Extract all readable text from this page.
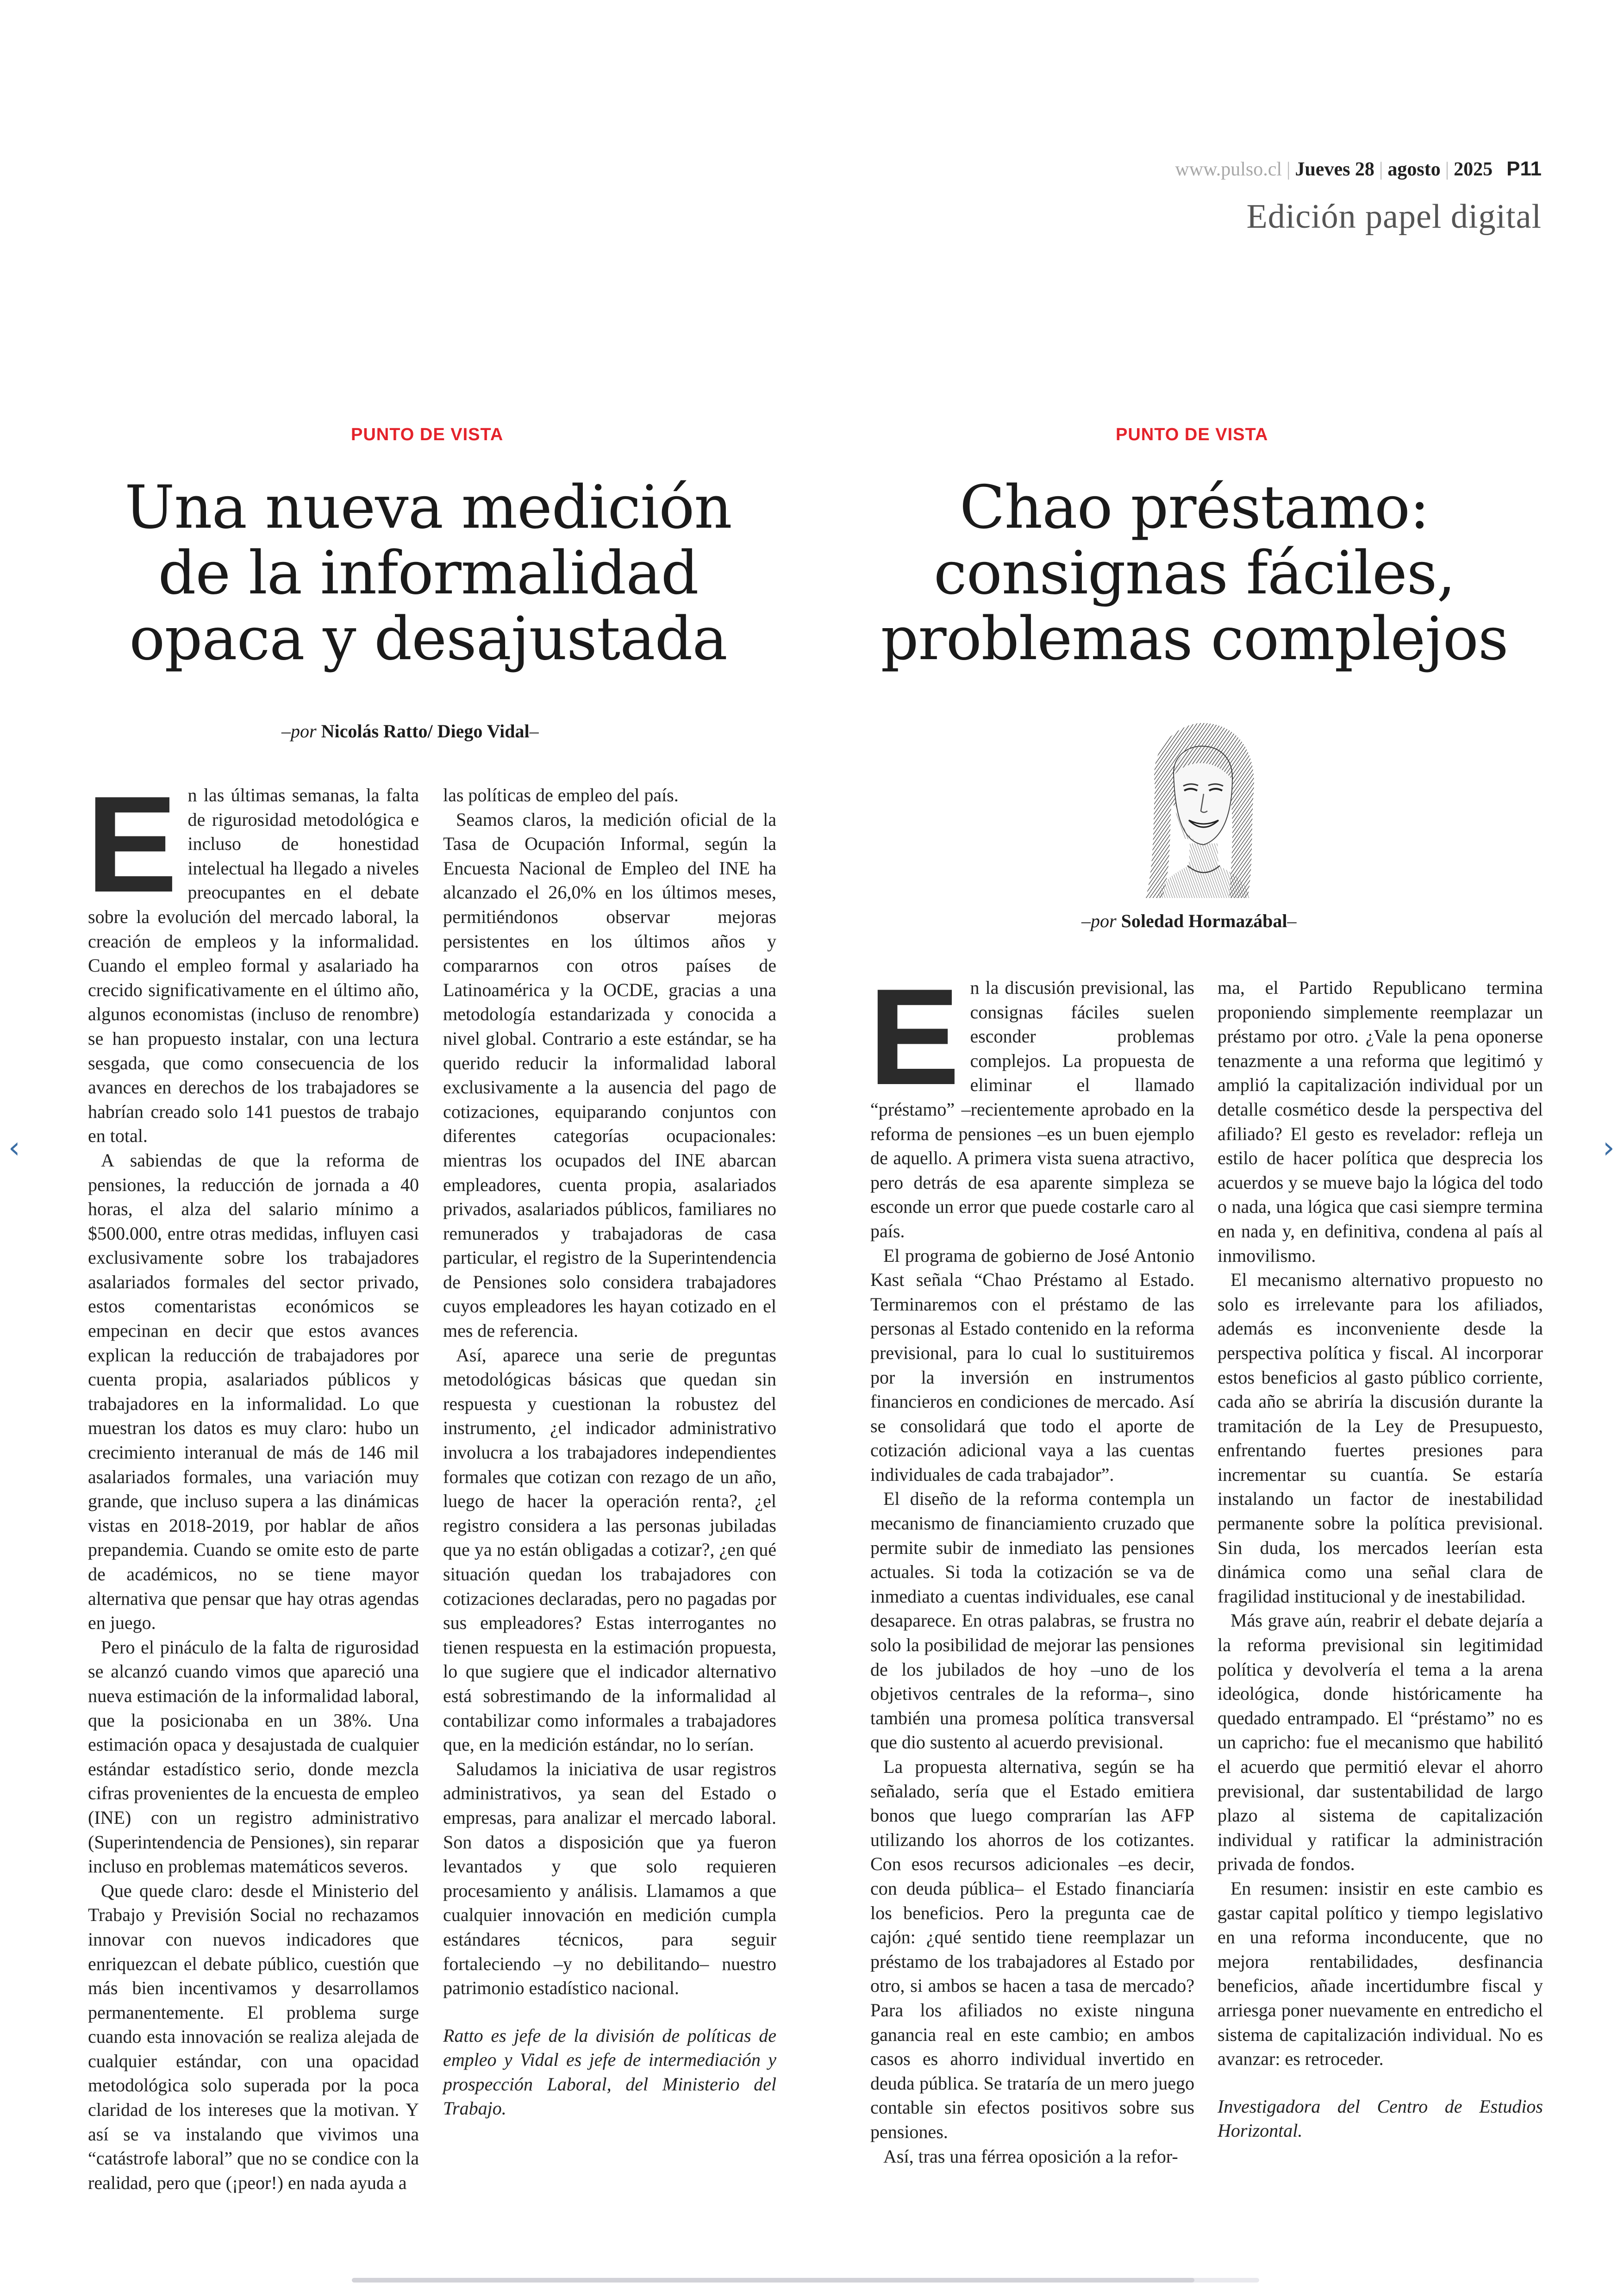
www.pulso.cl | Jueves 28 | agosto | 2025 P11
Edición papel digital
PUNTO DE VISTA
Una nueva medición
de la informalidad
opaca y desajustada
–por Nicolás Ratto/ Diego Vidal–

En las últimas semanas, la falta de rigurosidad metodológica e incluso de honestidad intelectual ha llegado a niveles preocupantes en el debate sobre la evolución del mercado laboral, la creación de empleos y la informalidad. Cuando el empleo formal y asalariado ha crecido significativamente en el último año, algunos economistas (incluso de renombre) se han propuesto instalar, con una lectura sesgada, que como consecuencia de los avances en derechos de los trabajadores se habrían creado solo 141 puestos de trabajo en total.

A sabiendas de que la reforma de pensiones, la reducción de jornada a 40 horas, el alza del salario mínimo a $500.000, entre otras medidas, influyen casi exclusivamente sobre los trabajadores asalariados formales del sector privado, estos comentaristas económicos se empecinan en decir que estos avances explican la reducción de trabajadores por cuenta propia, asalariados públicos y trabajadores en la informalidad. Lo que muestran los datos es muy claro: hubo un crecimiento interanual de más de 146 mil asalariados formales, una variación muy grande, que incluso supera a las dinámicas vistas en 2018-2019, por hablar de años prepandemia. Cuando se omite esto de parte de académicos, no se tiene mayor alternativa que pensar que hay otras agendas en juego.

Pero el pináculo de la falta de rigurosidad se alcanzó cuando vimos que apareció una nueva estimación de la informalidad laboral, que la posicionaba en un 38%. Una estimación opaca y desajustada de cualquier estándar estadístico serio, donde mezcla cifras provenientes de la encuesta de empleo (INE) con un registro administrativo (Superintendencia de Pensiones), sin reparar incluso en problemas matemáticos severos.

Que quede claro: desde el Ministerio del Trabajo y Previsión Social no rechazamos innovar con nuevos indicadores que enriquezcan el debate público, cuestión que más bien incentivamos y desarrollamos permanentemente. El problema surge cuando esta innovación se realiza alejada de cualquier estándar, con una opacidad metodológica solo superada por la poca claridad de los intereses que la motivan. Y así se va instalando que vivimos una “catástrofe laboral” que no se condice con la realidad, pero que (¡peor!) en nada ayuda a

las políticas de empleo del país.

Seamos claros, la medición oficial de la Tasa de Ocupación Informal, según la Encuesta Nacional de Empleo del INE ha alcanzado el 26,0% en los últimos meses, permitiéndonos observar mejoras persistentes en los últimos años y compararnos con otros países de Latinoamérica y la OCDE, gracias a una metodología estandarizada y conocida a nivel global. Contrario a este estándar, se ha querido reducir la informalidad laboral exclusivamente a la ausencia del pago de cotizaciones, equiparando conjuntos con diferentes categorías ocupacionales: mientras los ocupados del INE abarcan empleadores, cuenta propia, asalariados privados, asalariados públicos, familiares no remunerados y trabajadoras de casa particular, el registro de la Superintendencia de Pensiones solo considera trabajadores cuyos empleadores les hayan cotizado en el mes de referencia.

Así, aparece una serie de preguntas metodológicas básicas que quedan sin respuesta y cuestionan la robustez del instrumento, ¿el indicador administrativo involucra a los trabajadores independientes formales que cotizan con rezago de un año, luego de hacer la operación renta?, ¿el registro considera a las personas jubiladas que ya no están obligadas a cotizar?, ¿en qué situación quedan los trabajadores con cotizaciones declaradas, pero no pagadas por sus empleadores? Estas interrogantes no tienen respuesta en la estimación propuesta, lo que sugiere que el indicador alternativo está sobrestimando de la informalidad al contabilizar como informales a trabajadores que, en la medición estándar, no lo serían.

Saludamos la iniciativa de usar registros administrativos, ya sean del Estado o empresas, para analizar el mercado laboral. Son datos a disposición que ya fueron levantados y que solo requieren procesamiento y análisis. Llamamos a que cualquier innovación en medición cumpla estándares técnicos, para seguir fortaleciendo –y no debilitando– nuestro patrimonio estadístico nacional.

Ratto es jefe de la división de políticas de empleo y Vidal es jefe de intermediación y prospección Laboral, del Ministerio del Trabajo.

PUNTO DE VISTA
Chao préstamo:
consignas fáciles,
problemas complejos
–por Soledad Hormazábal–

En la discusión previsional, las consignas fáciles suelen esconder problemas complejos. La propuesta de eliminar el llamado “préstamo” –recientemente aprobado en la reforma de pensiones –es un buen ejemplo de aquello. A primera vista suena atractivo, pero detrás de esa aparente simpleza se esconde un error que puede costarle caro al país.

El programa de gobierno de José Antonio Kast señala “Chao Préstamo al Estado. Terminaremos con el préstamo de las personas al Estado contenido en la reforma previsional, para lo cual lo sustituiremos por la inversión en instrumentos financieros en condiciones de mercado. Así se consolidará que todo el aporte de cotización adicional vaya a las cuentas individuales de cada trabajador”.

El diseño de la reforma contempla un mecanismo de financiamiento cruzado que permite subir de inmediato las pensiones actuales. Si toda la cotización se va de inmediato a cuentas individuales, ese canal desaparece. En otras palabras, se frustra no solo la posibilidad de mejorar las pensiones de los jubilados de hoy –uno de los objetivos centrales de la reforma–, sino también una promesa política transversal que dio sustento al acuerdo previsional.

La propuesta alternativa, según se ha señalado, sería que el Estado emitiera bonos que luego comprarían las AFP utilizando los ahorros de los cotizantes. Con esos recursos adicionales –es decir, con deuda pública– el Estado financiaría los beneficios. Pero la pregunta cae de cajón: ¿qué sentido tiene reemplazar un préstamo de los trabajadores al Estado por otro, si ambos se hacen a tasa de mercado? Para los afiliados no existe ninguna ganancia real en este cambio; en ambos casos es ahorro individual invertido en deuda pública. Se trataría de un mero juego contable sin efectos positivos sobre sus pensiones.

Así, tras una férrea oposición a la refor-

ma, el Partido Republicano termina proponiendo simplemente reemplazar un préstamo por otro. ¿Vale la pena oponerse tenazmente a una reforma que legitimó y amplió la capitalización individual por un detalle cosmético desde la perspectiva del afiliado? El gesto es revelador: refleja un estilo de hacer política que desprecia los acuerdos y se mueve bajo la lógica del todo o nada, una lógica que casi siempre termina en nada y, en definitiva, condena al país al inmovilismo.

El mecanismo alternativo propuesto no solo es irrelevante para los afiliados, además es inconveniente desde la perspectiva política y fiscal. Al incorporar estos beneficios al gasto público corriente, cada año se abriría la discusión durante la tramitación de la Ley de Presupuesto, enfrentando fuertes presiones para incrementar su cuantía. Se estaría instalando un factor de inestabilidad permanente sobre la política previsional. Sin duda, los mercados leerían esta dinámica como una señal clara de fragilidad institucional y de inestabilidad.

Más grave aún, reabrir el debate dejaría a la reforma previsional sin legitimidad política y devolvería el tema a la arena ideológica, donde históricamente ha quedado entrampado. El “préstamo” no es un capricho: fue el mecanismo que habilitó el acuerdo que permitió elevar el ahorro previsional, dar sustentabilidad de largo plazo al sistema de capitalización individual y ratificar la administración privada de fondos.

En resumen: insistir en este cambio es gastar capital político y tiempo legislativo en una reforma inconducente, que no mejora rentabilidades, desfinancia beneficios, añade incertidumbre fiscal y arriesga poner nuevamente en entredicho el sistema de capitalización individual. No es avanzar: es retroceder.

Investigadora del Centro de Estudios Horizontal.

‹	›
